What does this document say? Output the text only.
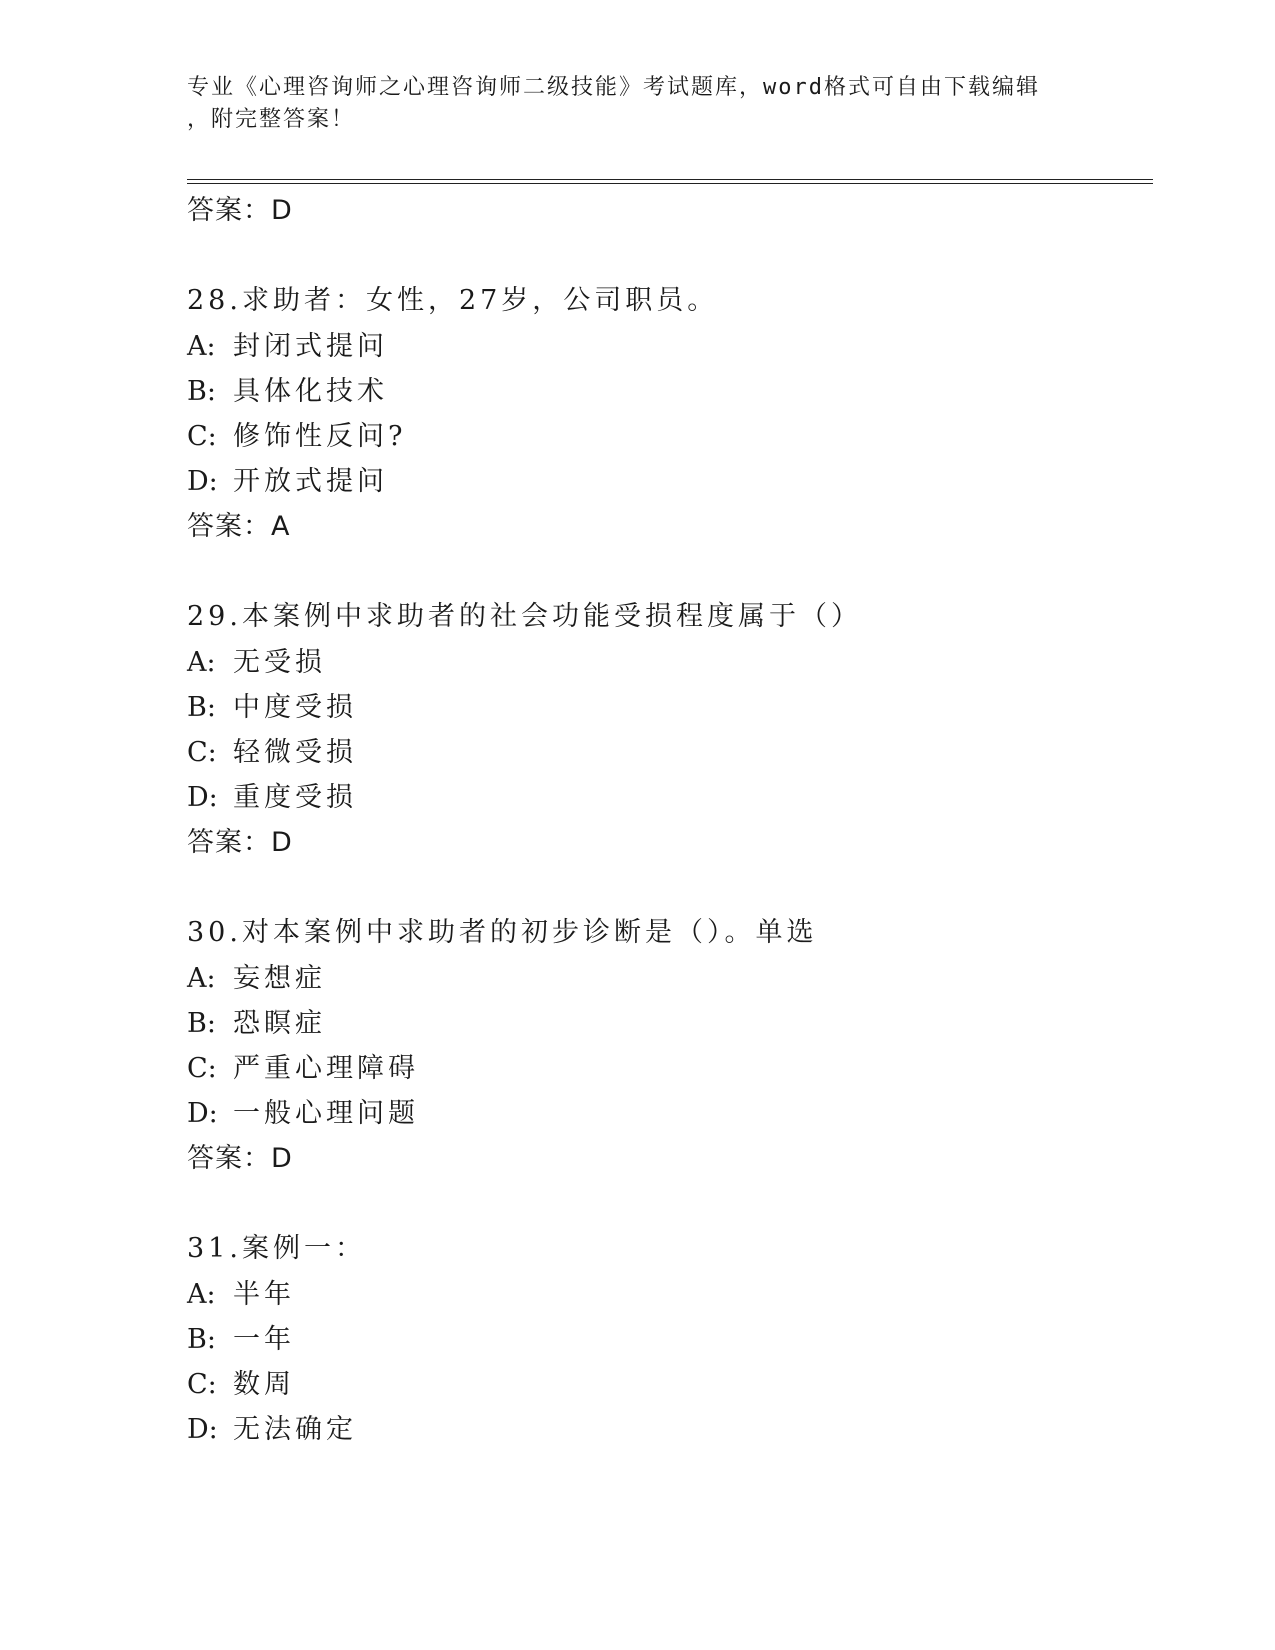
专业《心理咨询师之心理咨询师二级技能》考试题库，word格式可自由下载编辑
，附完整答案！
答案：D
28.求助者：女性，27岁，公司职员。
A: 封闭式提问
B: 具体化技术
C: 修饰性反问?
D: 开放式提问
答案：A
29.本案例中求助者的社会功能受损程度属于（）
A: 无受损
B: 中度受损
C: 轻微受损
D: 重度受损
答案：D
30.对本案例中求助者的初步诊断是（）。单选
A: 妄想症
B: 恐瞑症
C: 严重心理障碍
D: 一般心理问题
答案：D
31.案例一：
A: 半年
B: 一年
C: 数周
D: 无法确定
